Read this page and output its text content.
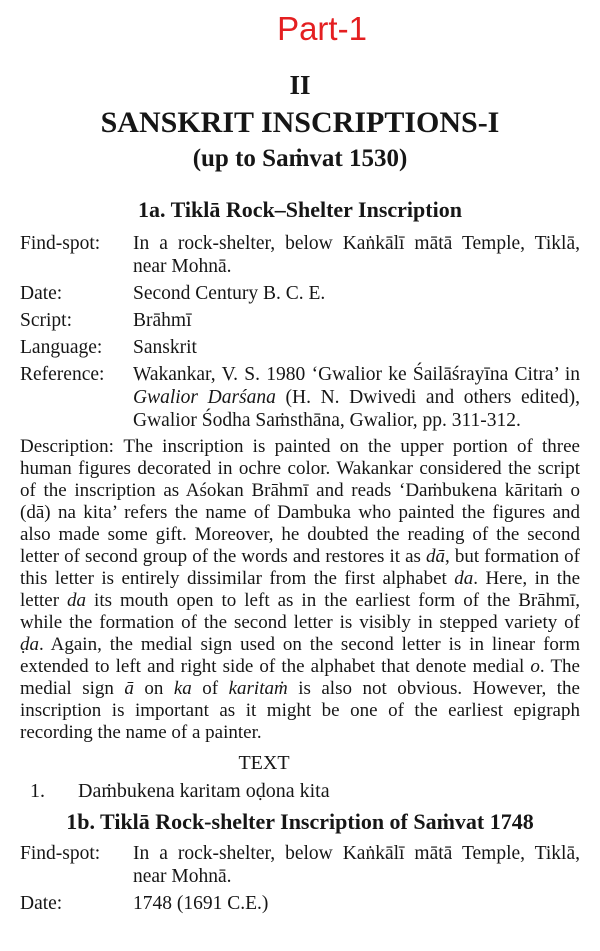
Part-1
II
SANSKRIT INSCRIPTIONS-I
(up to Saṁvat 1530)
1a. Tiklā Rock–Shelter Inscription
Find-spot:	In a rock-shelter, below Kaṅkālī mātā Temple, Tiklā, near Mohnā.
Date:	Second Century B. C. E.
Script:	Brāhmī
Language:	Sanskrit
Reference:	Wakankar, V. S. 1980 ‘Gwalior ke Śailāśrayīna Citra’ in Gwalior Darśana (H. N. Dwivedi and others edited), Gwalior Śodha Saṁsthāna, Gwalior, pp. 311-312.
Description: The inscription is painted on the upper portion of three human figures decorated in ochre color. Wakankar considered the script of the inscription as Aśokan Brāhmī and reads ‘Daṁbukena kāritaṁ o (dā) na kita’ refers the name of Dambuka who painted the figures and also made some gift. Moreover, he doubted the reading of the second letter of second group of the words and restores it as dā, but formation of this letter is entirely dissimilar from the first alphabet da. Here, in the letter da its mouth open to left as in the earliest form of the Brāhmī, while the formation of the second letter is visibly in stepped variety of ḍa. Again, the medial sign used on the second letter is in linear form extended to left and right side of the alphabet that denote medial o. The medial sign ā on ka of karitaṁ is also not obvious. However, the inscription is important as it might be one of the earliest epigraph recording the name of a painter.
TEXT
1. Daṁbukena karitam oḍona kita
1b. Tiklā Rock-shelter Inscription of Saṁvat 1748
Find-spot:	In a rock-shelter, below Kaṅkālī mātā Temple, Tiklā, near Mohnā.
Date:	1748 (1691 C.E.)
